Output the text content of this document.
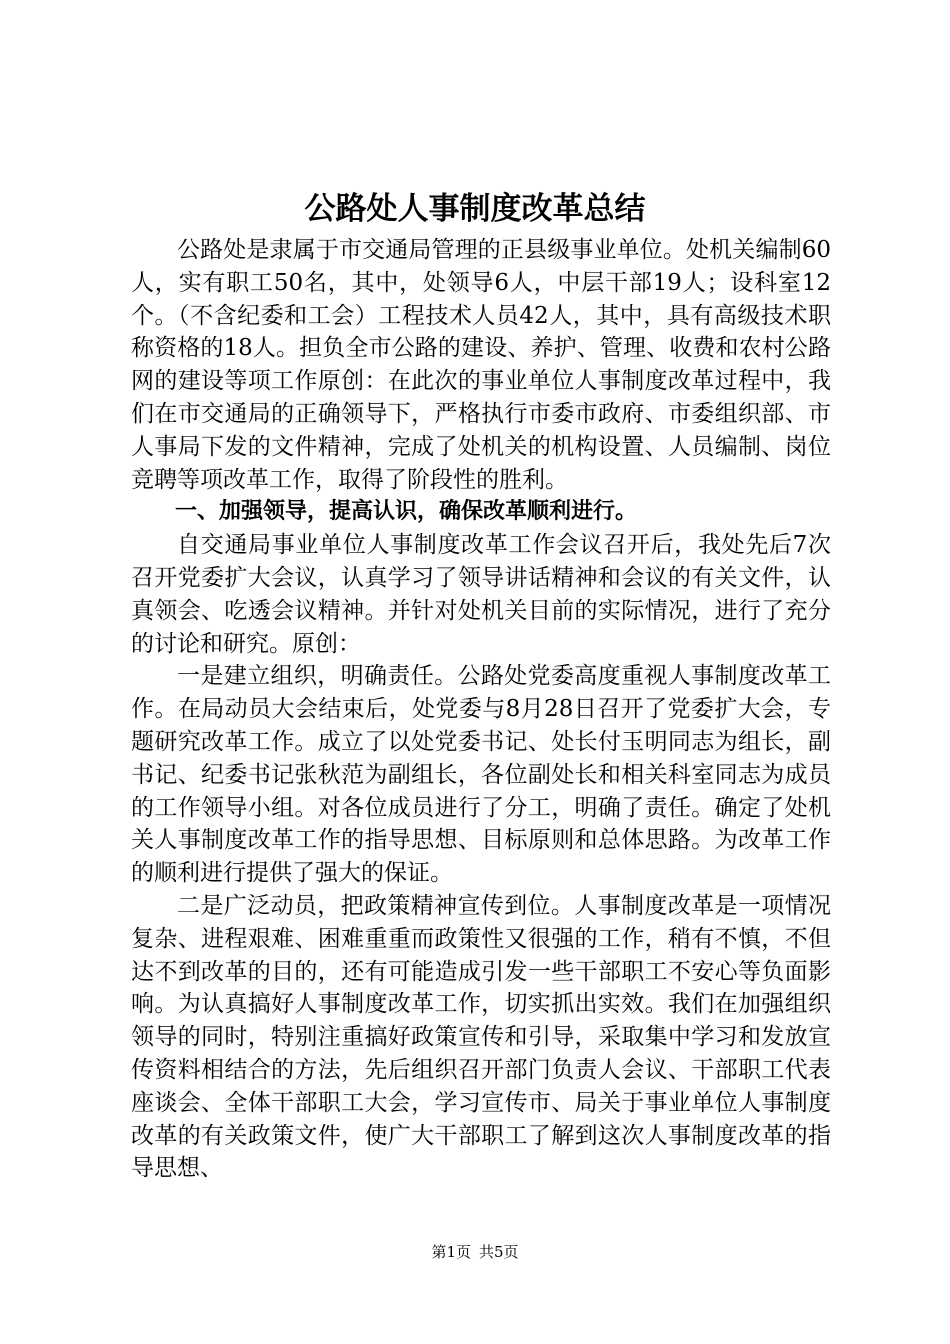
公路处人事制度改革总结

公路处是隶属于市交通局管理的正县级事业单位。处机关编制60人，实有职工50名，其中，处领导6人，中层干部19人；设科室12个。（不含纪委和工会）工程技术人员42人，其中，具有高级技术职称资格的18人。担负全市公路的建设、养护、管理、收费和农村公路网的建设等项工作原创：在此次的事业单位人事制度改革过程中，我们在市交通局的正确领导下，严格执行市委市政府、市委组织部、市人事局下发的文件精神，完成了处机关的机构设置、人员编制、岗位竞聘等项改革工作，取得了阶段性的胜利。

一、加强领导，提高认识，确保改革顺利进行。

自交通局事业单位人事制度改革工作会议召开后，我处先后7次召开党委扩大会议，认真学习了领导讲话精神和会议的有关文件，认真领会、吃透会议精神。并针对处机关目前的实际情况，进行了充分的讨论和研究。原创：

一是建立组织，明确责任。公路处党委高度重视人事制度改革工作。在局动员大会结束后，处党委与8月28日召开了党委扩大会，专题研究改革工作。成立了以处党委书记、处长付玉明同志为组长，副书记、纪委书记张秋范为副组长，各位副处长和相关科室同志为成员的工作领导小组。对各位成员进行了分工，明确了责任。确定了处机关人事制度改革工作的指导思想、目标原则和总体思路。为改革工作的顺利进行提供了强大的保证。

二是广泛动员，把政策精神宣传到位。人事制度改革是一项情况复杂、进程艰难、困难重重而政策性又很强的工作，稍有不慎，不但达不到改革的目的，还有可能造成引发一些干部职工不安心等负面影响。为认真搞好人事制度改革工作，切实抓出实效。我们在加强组织领导的同时，特别注重搞好政策宣传和引导，采取集中学习和发放宣传资料相结合的方法，先后组织召开部门负责人会议、干部职工代表座谈会、全体干部职工大会，学习宣传市、局关于事业单位人事制度改革的有关政策文件，使广大干部职工了解到这次人事制度改革的指导思想、

第1页 共5页
